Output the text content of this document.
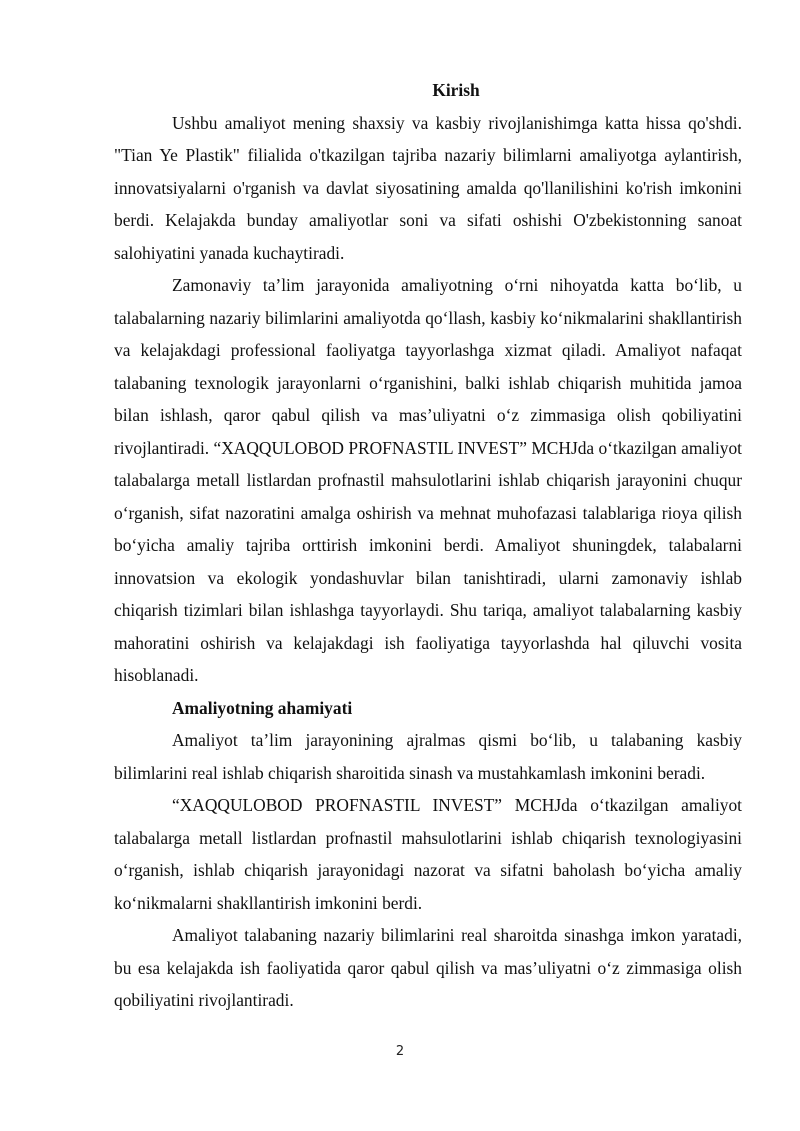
Kirish

Ushbu amaliyot mening shaxsiy va kasbiy rivojlanishimga katta hissa qo'shdi. "Tian Ye Plastik" filialida o'tkazilgan tajriba nazariy bilimlarni amaliyotga aylantirish, innovatsiyalarni o'rganish va davlat siyosatining amalda qo'llanilishini ko'rish imkonini berdi. Kelajakda bunday amaliyotlar soni va sifati oshishi O'zbekistonning sanoat salohiyatini yanada kuchaytiradi.

Zamonaviy ta’lim jarayonida amaliyotning o‘rni nihoyatda katta bo‘lib, u talabalarning nazariy bilimlarini amaliyotda qo‘llash, kasbiy ko‘nikmalarini shakllantirish va kelajakdagi professional faoliyatga tayyorlashga xizmat qiladi. Amaliyot nafaqat talabaning texnologik jarayonlarni o‘rganishini, balki ishlab chiqarish muhitida jamoa bilan ishlash, qaror qabul qilish va mas’uliyatni o‘z zimmasiga olish qobiliyatini rivojlantiradi. “XAQQULOBOD PROFNASTIL INVEST” MCHJda o‘tkazilgan amaliyot talabalarga metall listlardan profnastil mahsulotlarini ishlab chiqarish jarayonini chuqur o‘rganish, sifat nazoratini amalga oshirish va mehnat muhofazasi talablariga rioya qilish bo‘yicha amaliy tajriba orttirish imkonini berdi. Amaliyot shuningdek, talabalarni innovatsion va ekologik yondashuvlar bilan tanishtiradi, ularni zamonaviy ishlab chiqarish tizimlari bilan ishlashga tayyorlaydi. Shu tariqa, amaliyot talabalarning kasbiy mahoratini oshirish va kelajakdagi ish faoliyatiga tayyorlashda hal qiluvchi vosita hisoblanadi.

Amaliyotning ahamiyati

Amaliyot ta’lim jarayonining ajralmas qismi bo‘lib, u talabaning kasbiy bilimlarini real ishlab chiqarish sharoitida sinash va mustahkamlash imkonini beradi.

“XAQQULOBOD PROFNASTIL INVEST” MCHJda o‘tkazilgan amaliyot talabalarga metall listlardan profnastil mahsulotlarini ishlab chiqarish texnologiyasini o‘rganish, ishlab chiqarish jarayonidagi nazorat va sifatni baholash bo‘yicha amaliy ko‘nikmalarni shakllantirish imkonini berdi.

Amaliyot talabaning nazariy bilimlarini real sharoitda sinashga imkon yaratadi, bu esa kelajakda ish faoliyatida qaror qabul qilish va mas’uliyatni o‘z zimmasiga olish qobiliyatini rivojlantiradi.

2
